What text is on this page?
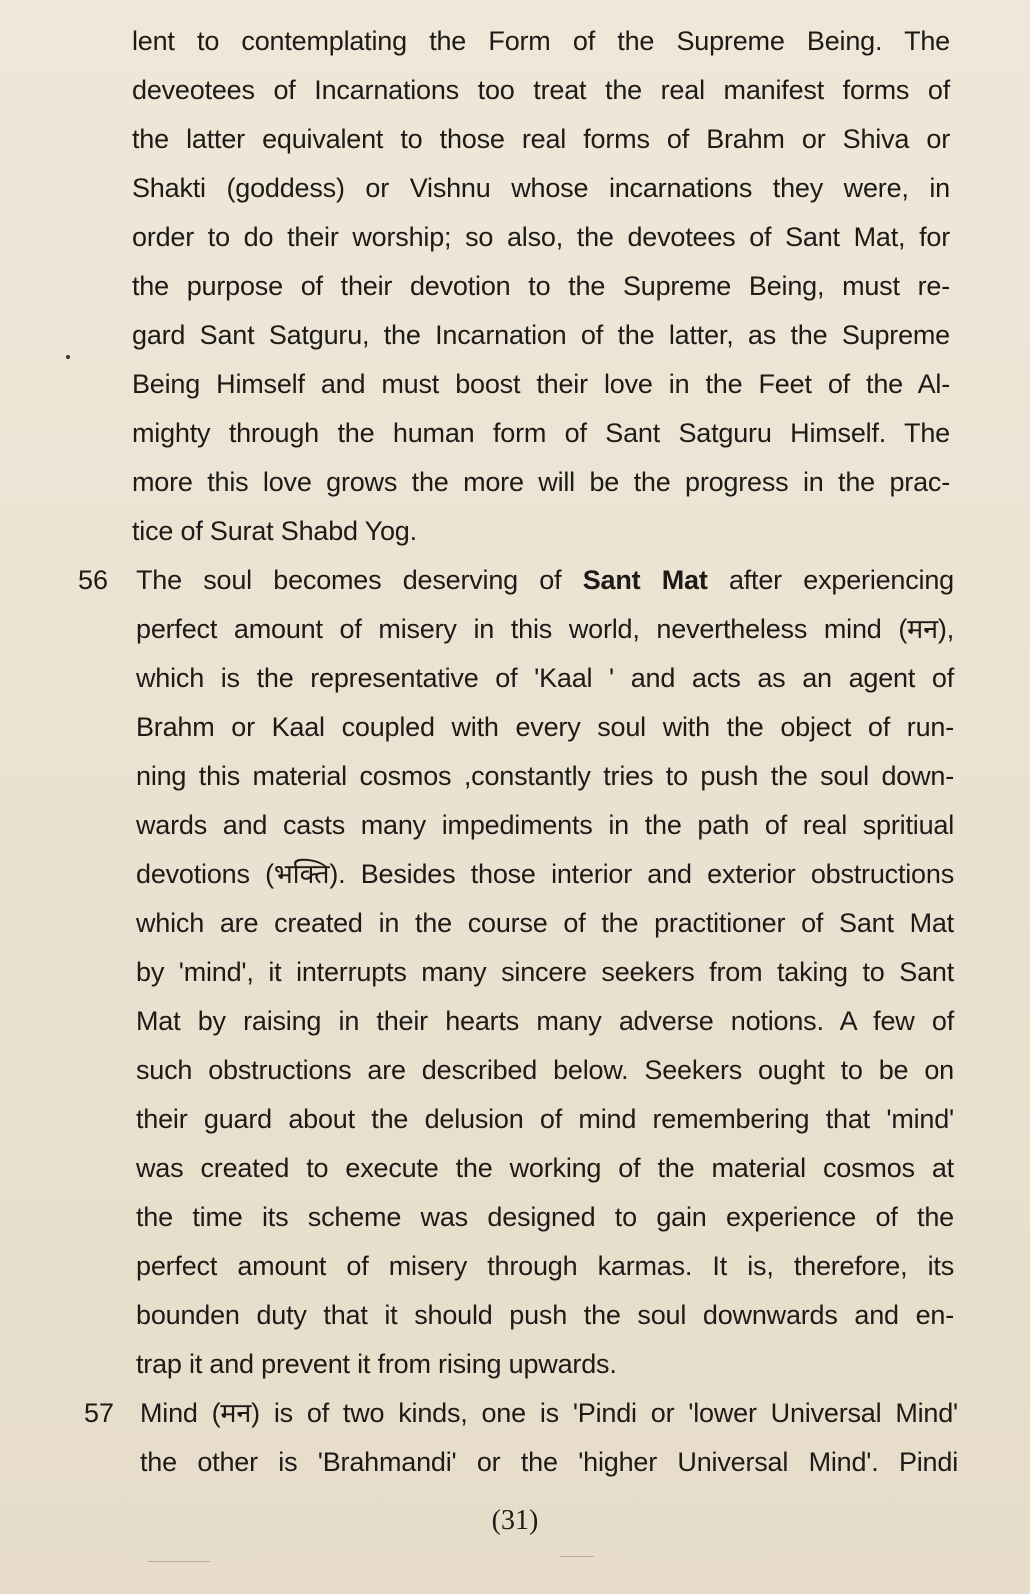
lent to contemplating the Form of the Supreme Being. The
deveotees of Incarnations too treat the real manifest forms of
the latter equivalent to those real forms of Brahm or Shiva or
Shakti (goddess) or Vishnu whose incarnations they were, in
order to do their worship; so also, the devotees of Sant Mat, for
the purpose of their devotion to the Supreme Being, must re-
gard Sant Satguru, the Incarnation of the latter, as the Supreme
Being Himself and must boost their love in the Feet of the Al-
mighty through the human form of Sant Satguru Himself. The
more this love grows the more will be the progress in the prac-
tice of Surat Shabd Yog.
56 The soul becomes deserving of Sant Mat after experiencing
perfect amount of misery in this world, nevertheless mind (मन),
which is the representative of 'Kaal ' and acts as an agent of
Brahm or Kaal coupled with every soul with the object of run-
ning this material cosmos ,constantly tries to push the soul down-
wards and casts many impediments in the path of real spritiual
devotions (भक्ति). Besides those interior and exterior obstructions
which are created in the course of the practitioner of Sant Mat
by 'mind', it interrupts many sincere seekers from taking to Sant
Mat by raising in their hearts many adverse notions. A few of
such obstructions are described below. Seekers ought to be on
their guard about the delusion of mind remembering that 'mind'
was created to execute the working of the material cosmos at
the time its scheme was designed to gain experience of the
perfect amount of misery through karmas. It is, therefore, its
bounden duty that it should push the soul downwards and en-
trap it and prevent it from rising upwards.
57 Mind (मन) is of two kinds, one is 'Pindi or 'lower Universal Mind'
the other is 'Brahmandi' or the 'higher Universal Mind'. Pindi
(31)
